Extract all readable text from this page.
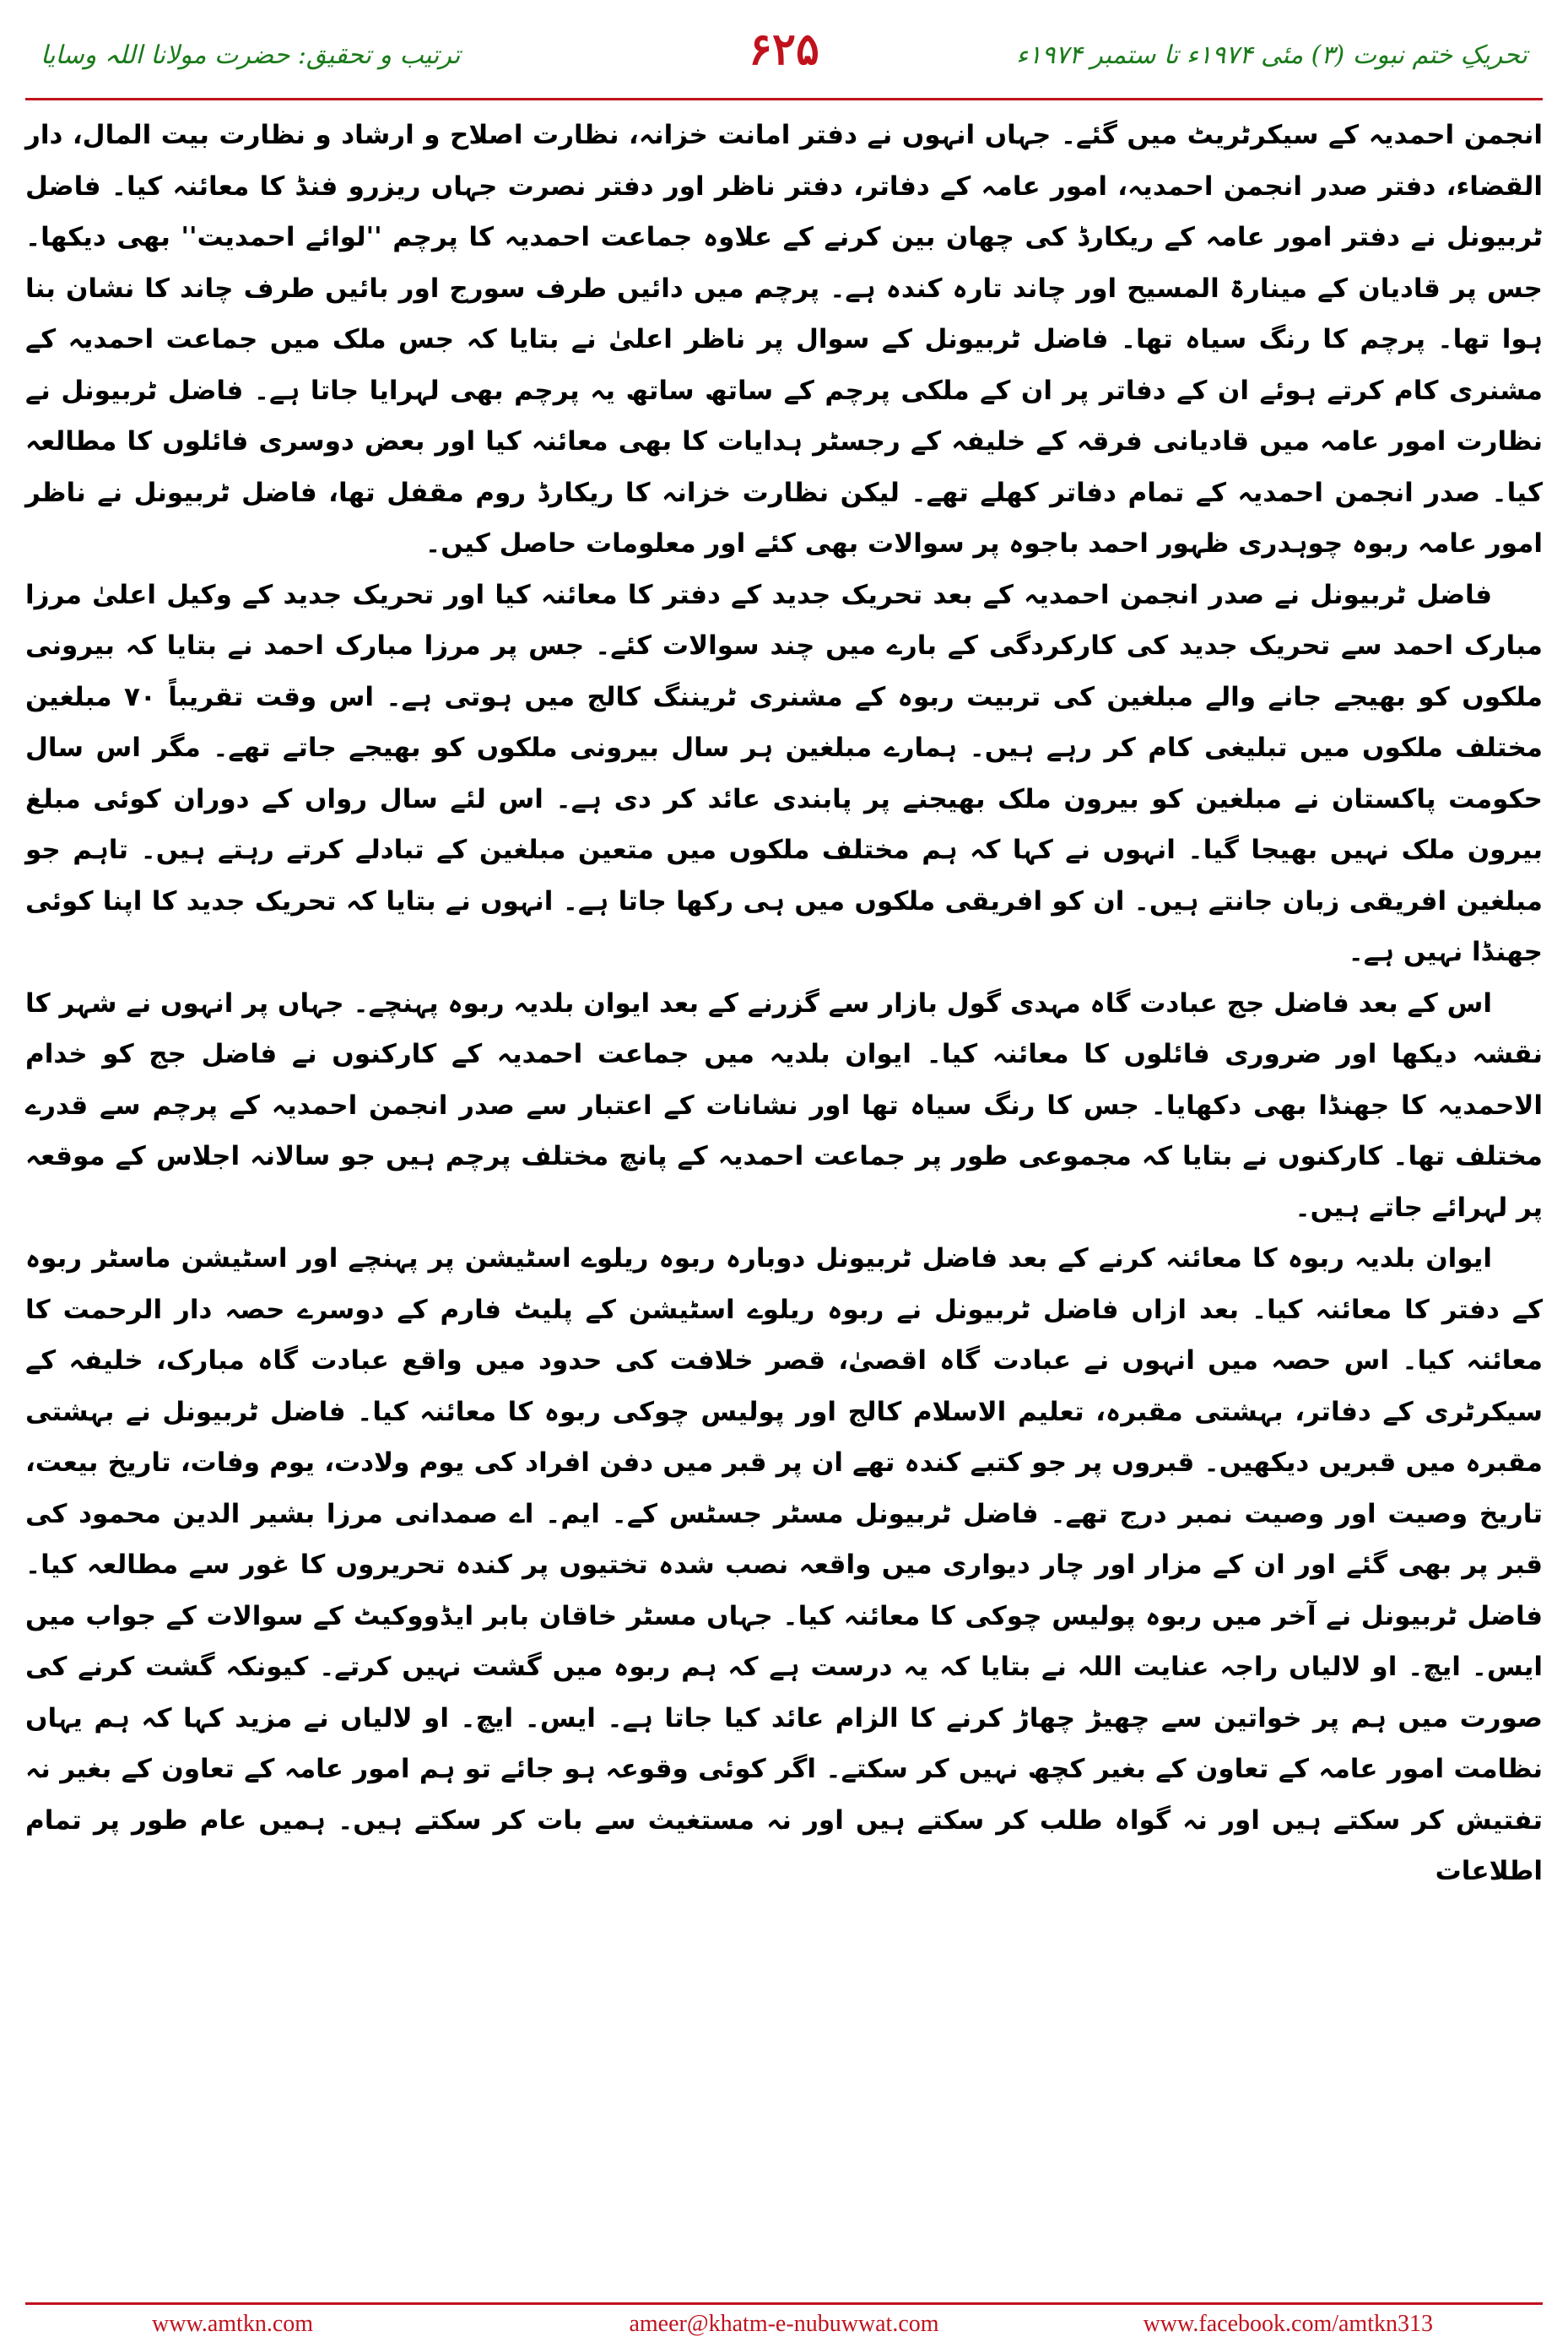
تحریکِ ختم نبوت (۳) مئی ۱۹۷۴ء تا ستمبر ۱۹۷۴ء
۶۲۵
ترتیب و تحقیق: حضرت مولانا اللہ وسایا

انجمن احمدیہ کے سیکرٹریٹ میں گئے۔ جہاں انہوں نے دفتر امانت خزانہ، نظارت اصلاح و ارشاد و نظارت بیت المال، دار القضاء، دفتر صدر انجمن احمدیہ، امور عامہ کے دفاتر، دفتر ناظر اور دفتر نصرت جہاں ریزرو فنڈ کا معائنہ کیا۔ فاضل ٹربیونل نے دفتر امور عامہ کے ریکارڈ کی چھان بین کرنے کے علاوہ جماعت احمدیہ کا پرچم ''لوائے احمدیت'' بھی دیکھا۔ جس پر قادیان کے مینارۃ المسیح اور چاند تارہ کندہ ہے۔ پرچم میں دائیں طرف سورج اور بائیں طرف چاند کا نشان بنا ہوا تھا۔ پرچم کا رنگ سیاہ تھا۔ فاضل ٹربیونل کے سوال پر ناظر اعلیٰ نے بتایا کہ جس ملک میں جماعت احمدیہ کے مشنری کام کرتے ہوئے ان کے دفاتر پر ان کے ملکی پرچم کے ساتھ ساتھ یہ پرچم بھی لہرایا جاتا ہے۔ فاضل ٹربیونل نے نظارت امور عامہ میں قادیانی فرقہ کے خلیفہ کے رجسٹر ہدایات کا بھی معائنہ کیا اور بعض دوسری فائلوں کا مطالعہ کیا۔ صدر انجمن احمدیہ کے تمام دفاتر کھلے تھے۔ لیکن نظارت خزانہ کا ریکارڈ روم مقفل تھا، فاضل ٹربیونل نے ناظر امور عامہ ربوہ چوہدری ظہور احمد باجوہ پر سوالات بھی کئے اور معلومات حاصل کیں۔

فاضل ٹربیونل نے صدر انجمن احمدیہ کے بعد تحریک جدید کے دفتر کا معائنہ کیا اور تحریک جدید کے وکیل اعلیٰ مرزا مبارک احمد سے تحریک جدید کی کارکردگی کے بارے میں چند سوالات کئے۔ جس پر مرزا مبارک احمد نے بتایا کہ بیرونی ملکوں کو بھیجے جانے والے مبلغین کی تربیت ربوہ کے مشنری ٹریننگ کالج میں ہوتی ہے۔ اس وقت تقریباً ۷۰ مبلغین مختلف ملکوں میں تبلیغی کام کر رہے ہیں۔ ہمارے مبلغین ہر سال بیرونی ملکوں کو بھیجے جاتے تھے۔ مگر اس سال حکومت پاکستان نے مبلغین کو بیرون ملک بھیجنے پر پابندی عائد کر دی ہے۔ اس لئے سال رواں کے دوران کوئی مبلغ بیرون ملک نہیں بھیجا گیا۔ انہوں نے کہا کہ ہم مختلف ملکوں میں متعین مبلغین کے تبادلے کرتے رہتے ہیں۔ تاہم جو مبلغین افریقی زبان جانتے ہیں۔ ان کو افریقی ملکوں میں ہی رکھا جاتا ہے۔ انہوں نے بتایا کہ تحریک جدید کا اپنا کوئی جھنڈا نہیں ہے۔

اس کے بعد فاضل جج عبادت گاہ مہدی گول بازار سے گزرنے کے بعد ایوان بلدیہ ربوہ پہنچے۔ جہاں پر انہوں نے شہر کا نقشہ دیکھا اور ضروری فائلوں کا معائنہ کیا۔ ایوان بلدیہ میں جماعت احمدیہ کے کارکنوں نے فاضل جج کو خدام الاحمدیہ کا جھنڈا بھی دکھایا۔ جس کا رنگ سیاہ تھا اور نشانات کے اعتبار سے صدر انجمن احمدیہ کے پرچم سے قدرے مختلف تھا۔ کارکنوں نے بتایا کہ مجموعی طور پر جماعت احمدیہ کے پانچ مختلف پرچم ہیں جو سالانہ اجلاس کے موقعہ پر لہرائے جاتے ہیں۔

ایوان بلدیہ ربوہ کا معائنہ کرنے کے بعد فاضل ٹربیونل دوبارہ ربوہ ریلوے اسٹیشن پر پہنچے اور اسٹیشن ماسٹر ربوہ کے دفتر کا معائنہ کیا۔ بعد ازاں فاضل ٹربیونل نے ربوہ ریلوے اسٹیشن کے پلیٹ فارم کے دوسرے حصہ دار الرحمت کا معائنہ کیا۔ اس حصہ میں انہوں نے عبادت گاہ اقصیٰ، قصر خلافت کی حدود میں واقع عبادت گاہ مبارک، خلیفہ کے سیکرٹری کے دفاتر، بہشتی مقبرہ، تعلیم الاسلام کالج اور پولیس چوکی ربوہ کا معائنہ کیا۔ فاضل ٹربیونل نے بہشتی مقبرہ میں قبریں دیکھیں۔ قبروں پر جو کتبے کندہ تھے ان پر قبر میں دفن افراد کی یوم ولادت، یوم وفات، تاریخ بیعت، تاریخ وصیت اور وصیت نمبر درج تھے۔ فاضل ٹربیونل مسٹر جسٹس کے۔ ایم۔ اے صمدانی مرزا بشیر الدین محمود کی قبر پر بھی گئے اور ان کے مزار اور چار دیواری میں واقعہ نصب شدہ تختیوں پر کندہ تحریروں کا غور سے مطالعہ کیا۔ فاضل ٹربیونل نے آخر میں ربوہ پولیس چوکی کا معائنہ کیا۔ جہاں مسٹر خاقان بابر ایڈووکیٹ کے سوالات کے جواب میں ایس۔ ایچ۔ او لالیاں راجہ عنایت اللہ نے بتایا کہ یہ درست ہے کہ ہم ربوہ میں گشت نہیں کرتے۔ کیونکہ گشت کرنے کی صورت میں ہم پر خواتین سے چھیڑ چھاڑ کرنے کا الزام عائد کیا جاتا ہے۔ ایس۔ ایچ۔ او لالیاں نے مزید کہا کہ ہم یہاں نظامت امور عامہ کے تعاون کے بغیر کچھ نہیں کر سکتے۔ اگر کوئی وقوعہ ہو جائے تو ہم امور عامہ کے تعاون کے بغیر نہ تفتیش کر سکتے ہیں اور نہ گواہ طلب کر سکتے ہیں اور نہ مستغیث سے بات کر سکتے ہیں۔ ہمیں عام طور پر تمام اطلاعات

www.amtkn.com	ameer@khatm-e-nubuwwat.com	www.facebook.com/amtkn313
